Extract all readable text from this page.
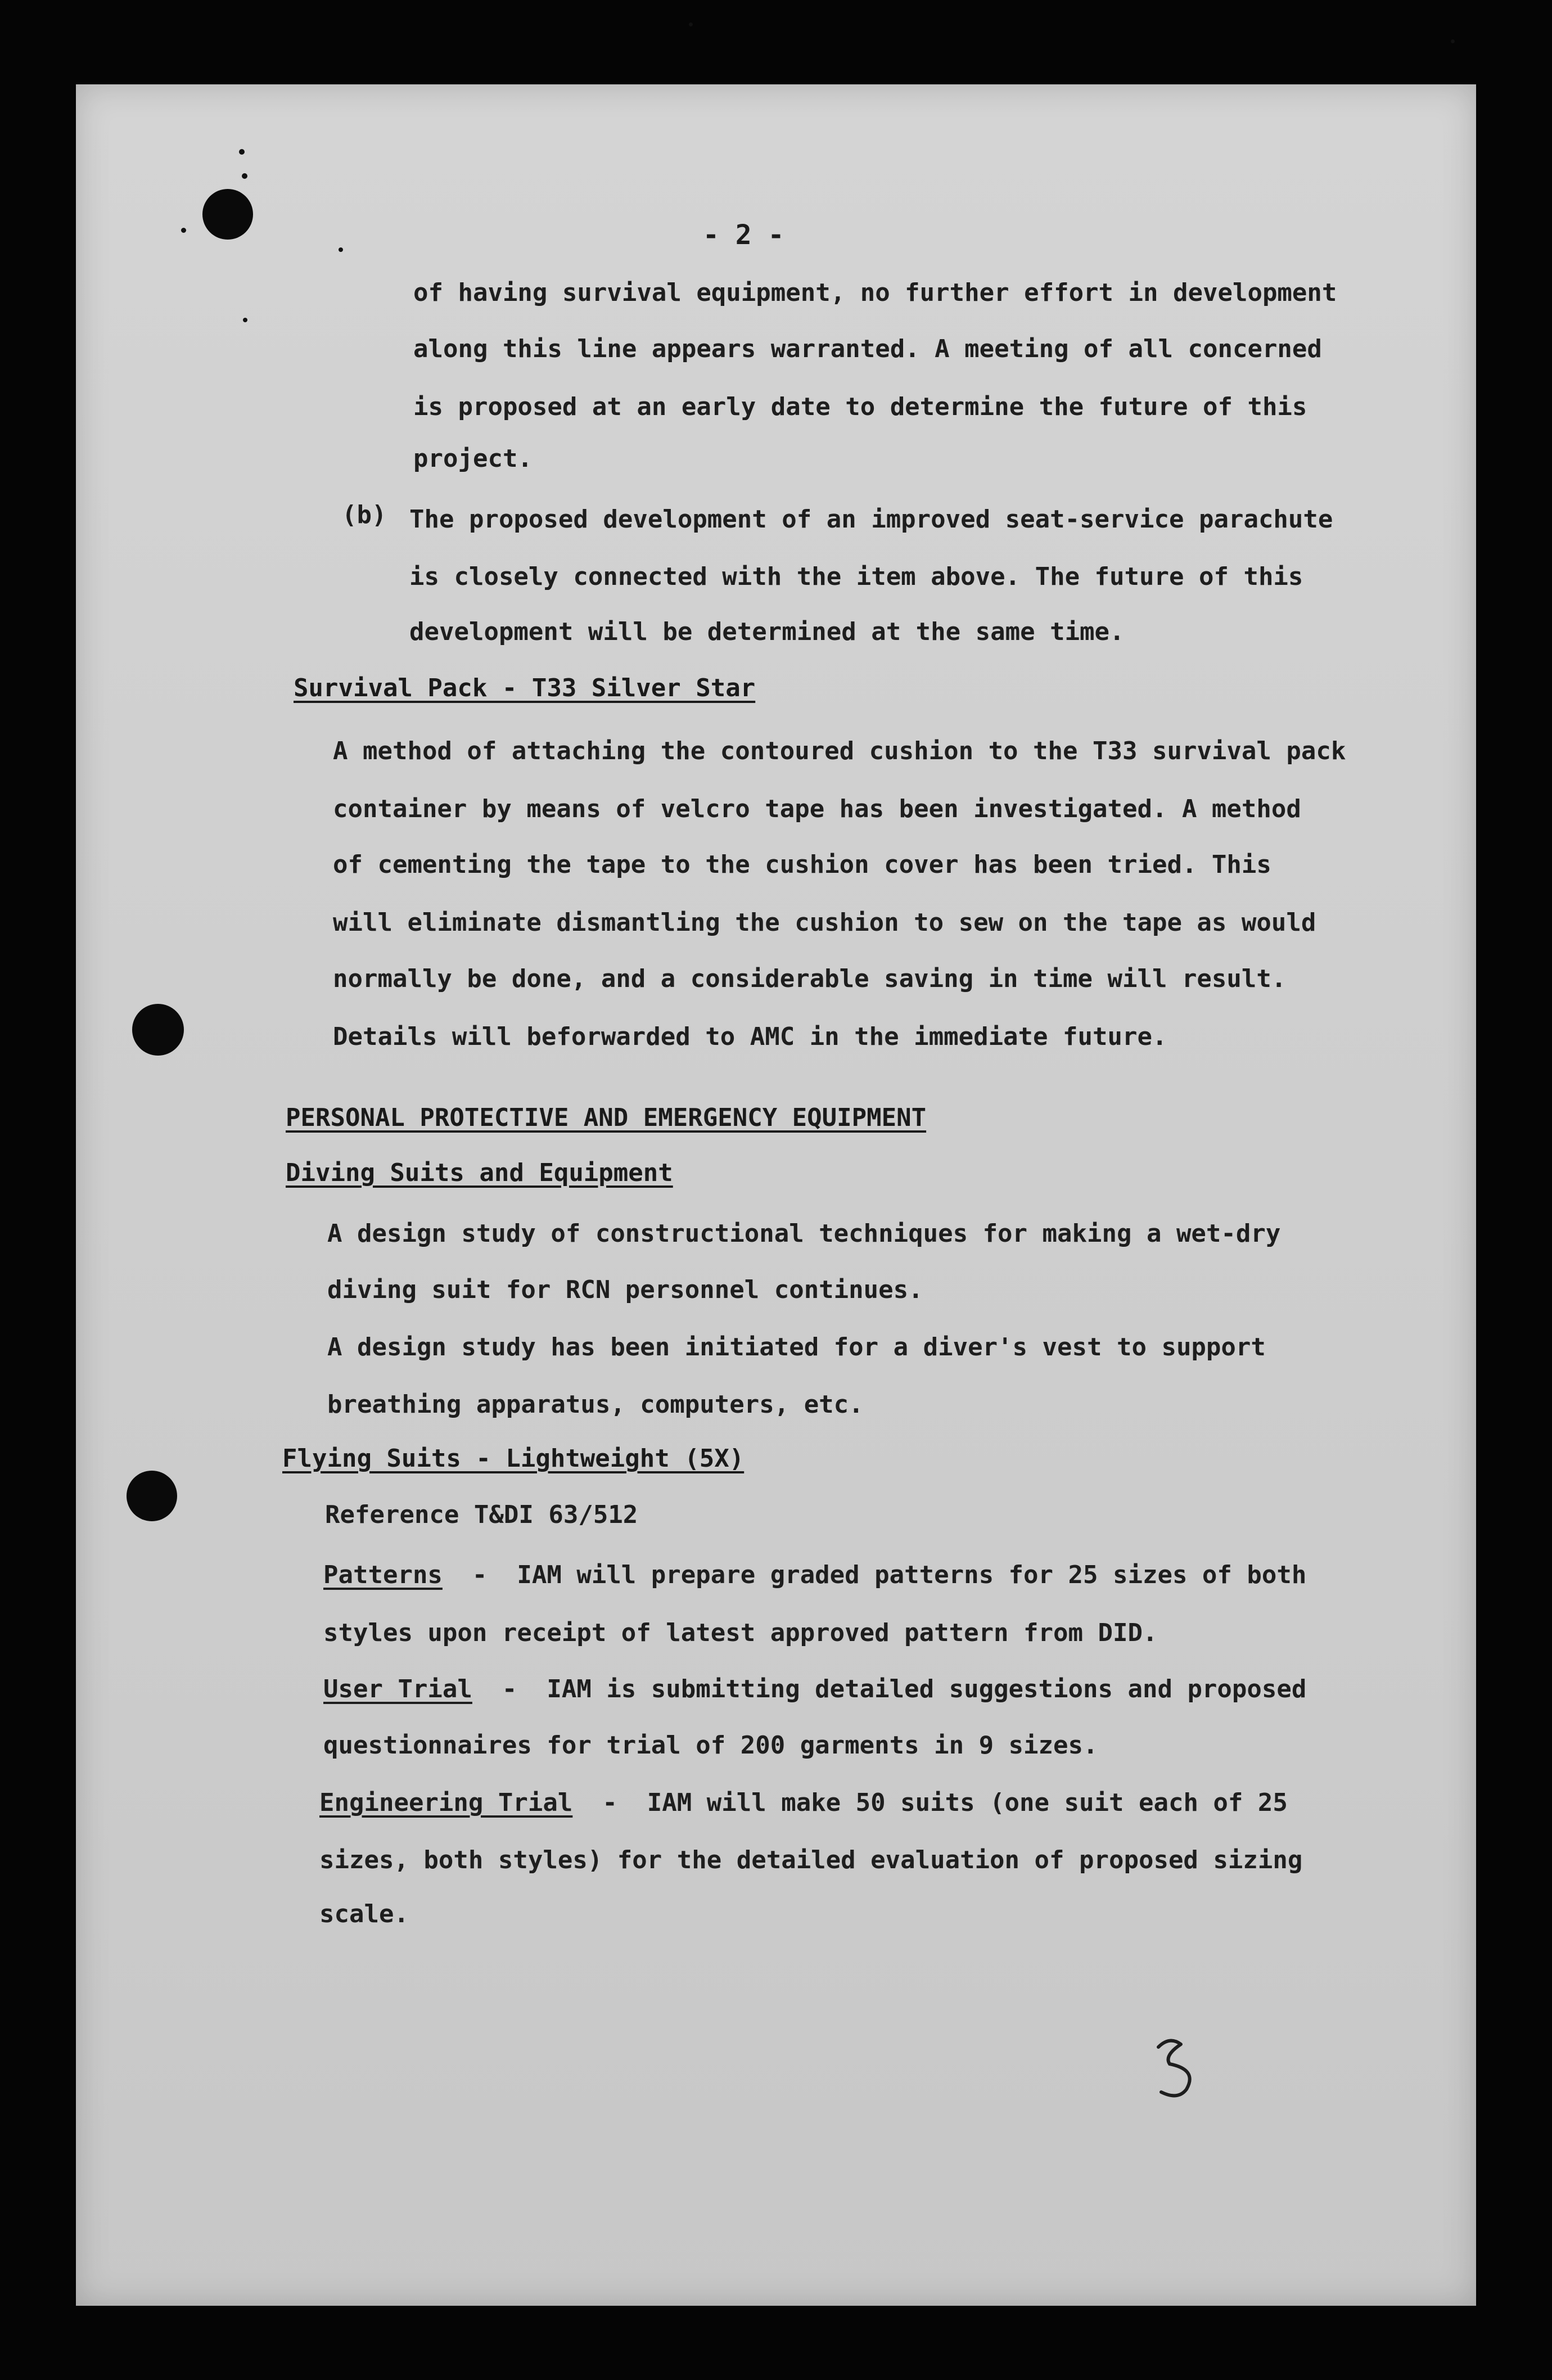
- 2 -
of having survival equipment, no further effort in development
along this line appears warranted. A meeting of all concerned
is proposed at an early date to determine the future of this
project.
(b) The proposed development of an improved seat-service parachute
is closely connected with the item above. The future of this
development will be determined at the same time.
Survival Pack - T33 Silver Star
A method of attaching the contoured cushion to the T33 survival pack
container by means of velcro tape has been investigated. A method
of cementing the tape to the cushion cover has been tried. This
will eliminate dismantling the cushion to sew on the tape as would
normally be done, and a considerable saving in time will result.
Details will beforwarded to AMC in the immediate future.
PERSONAL PROTECTIVE AND EMERGENCY EQUIPMENT
Diving Suits and Equipment
A design study of constructional techniques for making a wet-dry
diving suit for RCN personnel continues.
A design study has been initiated for a diver's vest to support
breathing apparatus, computers, etc.
Flying Suits - Lightweight (5X)
Reference T&DI 63/512
Patterns  -  IAM will prepare graded patterns for 25 sizes of both
styles upon receipt of latest approved pattern from DID.
User Trial  -  IAM is submitting detailed suggestions and proposed
questionnaires for trial of 200 garments in 9 sizes.
Engineering Trial  -  IAM will make 50 suits (one suit each of 25
sizes, both styles) for the detailed evaluation of proposed sizing
scale.
